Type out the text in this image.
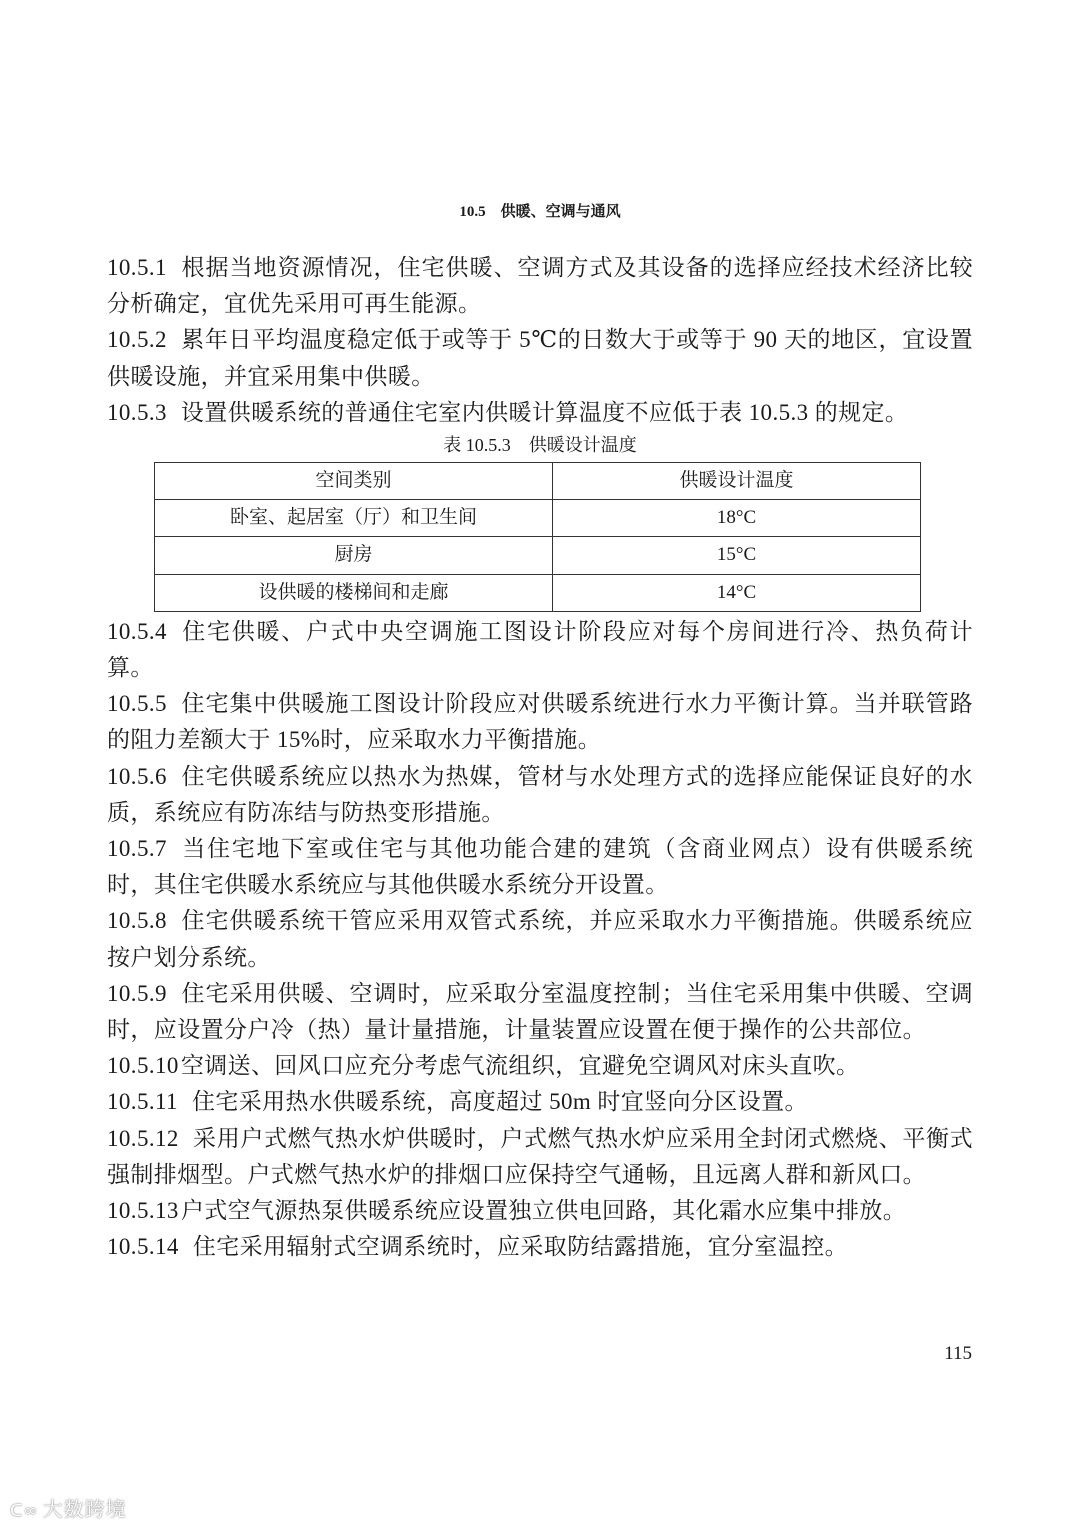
10.5　供暖、空调与通风

10.5.1 根据当地资源情况，住宅供暖、空调方式及其设备的选择应经技术经济比较分析确定，宜优先采用可再生能源。

10.5.2 累年日平均温度稳定低于或等于 5℃的日数大于或等于 90 天的地区，宜设置供暖设施，并宜采用集中供暖。

10.5.3 设置供暖系统的普通住宅室内供暖计算温度不应低于表 10.5.3 的规定。

表 10.5.3　供暖设计温度

空间类别	供暖设计温度
卧室、起居室（厅）和卫生间	18°C
厨房	15°C
设供暖的楼梯间和走廊	14°C

10.5.4 住宅供暖、户式中央空调施工图设计阶段应对每个房间进行冷、热负荷计算。

10.5.5 住宅集中供暖施工图设计阶段应对供暖系统进行水力平衡计算。当并联管路的阻力差额大于 15%时，应采取水力平衡措施。

10.5.6 住宅供暖系统应以热水为热媒，管材与水处理方式的选择应能保证良好的水质，系统应有防冻结与防热变形措施。

10.5.7 当住宅地下室或住宅与其他功能合建的建筑（含商业网点）设有供暖系统时，其住宅供暖水系统应与其他供暖水系统分开设置。

10.5.8 住宅供暖系统干管应采用双管式系统，并应采取水力平衡措施。供暖系统应按户划分系统。

10.5.9 住宅采用供暖、空调时，应采取分室温度控制；当住宅采用集中供暖、空调时，应设置分户冷（热）量计量措施，计量装置应设置在便于操作的公共部位。

10.5.10空调送、回风口应充分考虑气流组织，宜避免空调风对床头直吹。

10.5.11 住宅采用热水供暖系统，高度超过 50m 时宜竖向分区设置。

10.5.12 采用户式燃气热水炉供暖时，户式燃气热水炉应采用全封闭式燃烧、平衡式强制排烟型。户式燃气热水炉的排烟口应保持空气通畅，且远离人群和新风口。

10.5.13户式空气源热泵供暖系统应设置独立供电回路，其化霜水应集中排放。

10.5.14 住宅采用辐射式空调系统时，应采取防结露措施，宜分室温控。

115
ᑕ∞ 大数跨境
